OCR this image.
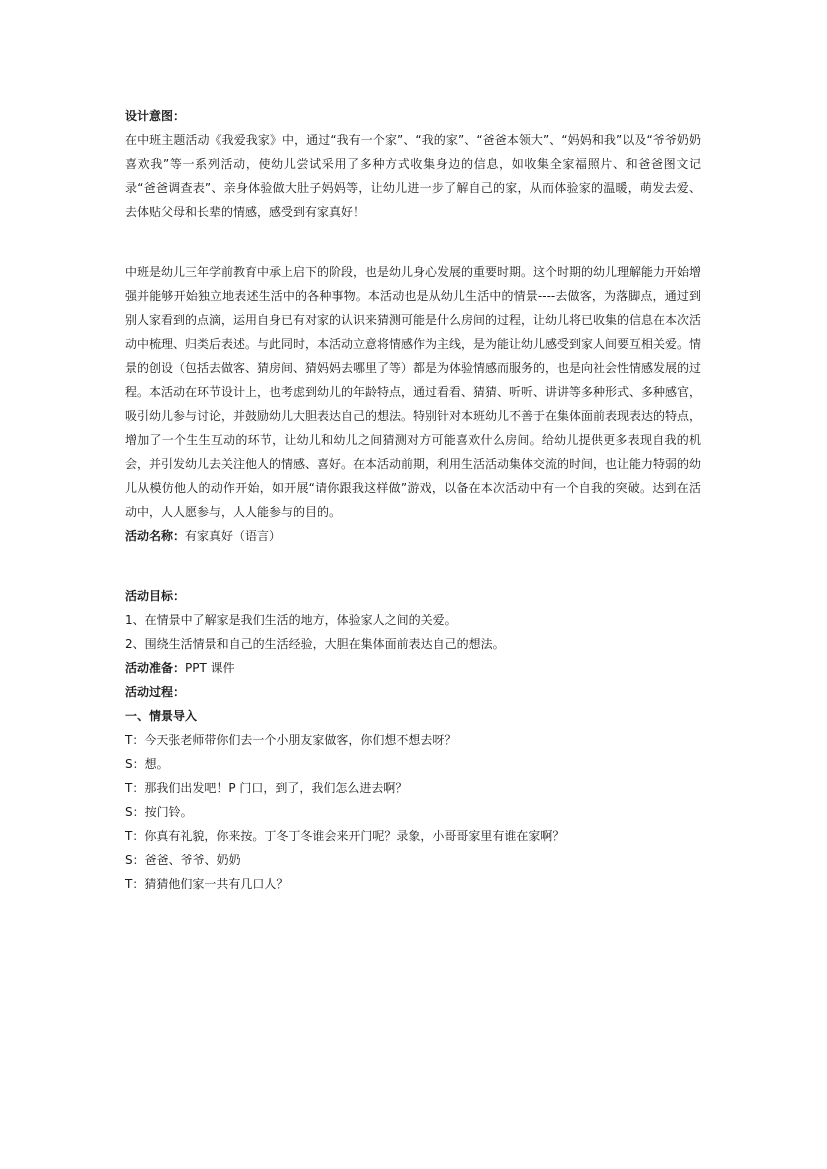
设计意图：

在中班主题活动《我爱我家》中，通过“我有一个家”、“我的家”、“爸爸本领大”、“妈妈和我”以及“爷爷奶奶喜欢我”等一系列活动，使幼儿尝试采用了多种方式收集身边的信息，如收集全家福照片、和爸爸图文记录“爸爸调查表”、亲身体验做大肚子妈妈等，让幼儿进一步了解自己的家，从而体验家的温暖，萌发去爱、去体贴父母和长辈的情感，感受到有家真好！

中班是幼儿三年学前教育中承上启下的阶段，也是幼儿身心发展的重要时期。这个时期的幼儿理解能力开始增强并能够开始独立地表述生活中的各种事物。本活动也是从幼儿生活中的情景----去做客，为落脚点，通过到别人家看到的点滴，运用自身已有对家的认识来猜测可能是什么房间的过程，让幼儿将已收集的信息在本次活动中梳理、归类后表述。与此同时，本活动立意将情感作为主线，是为能让幼儿感受到家人间要互相关爱。情景的创设（包括去做客、猜房间、猜妈妈去哪里了等）都是为体验情感而服务的，也是向社会性情感发展的过程。本活动在环节设计上，也考虑到幼儿的年龄特点，通过看看、猜猜、听听、讲讲等多种形式、多种感官，吸引幼儿参与讨论，并鼓励幼儿大胆表达自己的想法。特别针对本班幼儿不善于在集体面前表现表达的特点，增加了一个生生互动的环节，让幼儿和幼儿之间猜测对方可能喜欢什么房间。给幼儿提供更多表现自我的机会，并引发幼儿去关注他人的情感、喜好。在本活动前期，利用生活活动集体交流的时间，也让能力特弱的幼儿从模仿他人的动作开始，如开展“请你跟我这样做”游戏，以备在本次活动中有一个自我的突破。达到在活动中，人人愿参与，人人能参与的目的。

活动名称：有家真好（语言）

活动目标：

1、在情景中了解家是我们生活的地方，体验家人之间的关爱。

2、围绕生活情景和自己的生活经验，大胆在集体面前表达自己的想法。

活动准备：PPT 课件

活动过程：

一、情景导入

T：今天张老师带你们去一个小朋友家做客，你们想不想去呀？

S：想。

T：那我们出发吧！P 门口，到了，我们怎么进去啊？

S：按门铃。

T：你真有礼貌，你来按。丁冬丁冬谁会来开门呢？录象，小哥哥家里有谁在家啊？

S：爸爸、爷爷、奶奶

T：猜猜他们家一共有几口人？
